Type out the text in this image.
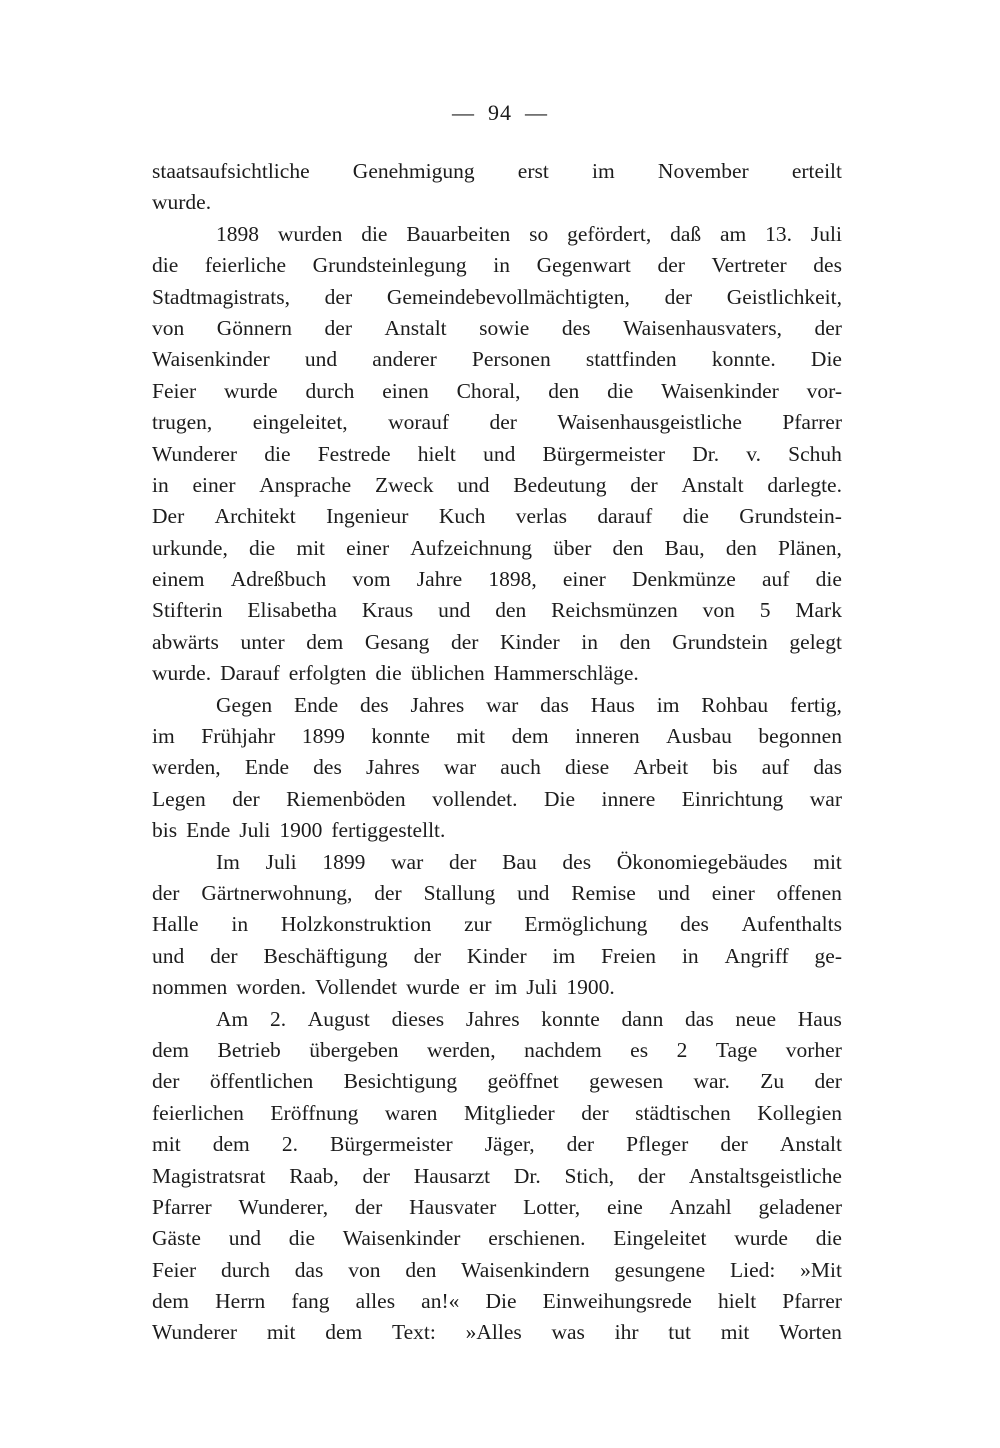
—  94  —
staatsaufsichtliche Genehmigung erst im November erteilt
wurde.
1898 wurden die Bauarbeiten so gefördert, daß am 13. Juli
die feierliche Grundsteinlegung in Gegenwart der Vertreter des
Stadtmagistrats, der Gemeindebevollmächtigten, der Geistlichkeit,
von Gönnern der Anstalt sowie des Waisenhausvaters, der
Waisenkinder und anderer Personen stattfinden konnte. Die
Feier wurde durch einen Choral, den die Waisenkinder vor-
trugen, eingeleitet, worauf der Waisenhausgeistliche Pfarrer
Wunderer die Festrede hielt und Bürgermeister Dr. v. Schuh
in einer Ansprache Zweck und Bedeutung der Anstalt darlegte.
Der Architekt Ingenieur Kuch verlas darauf die Grundstein-
urkunde, die mit einer Aufzeichnung über den Bau, den Plänen,
einem Adreßbuch vom Jahre 1898, einer Denkmünze auf die
Stifterin Elisabetha Kraus und den Reichsmünzen von 5 Mark
abwärts unter dem Gesang der Kinder in den Grundstein gelegt
wurde. Darauf erfolgten die üblichen Hammerschläge.
Gegen Ende des Jahres war das Haus im Rohbau fertig,
im Frühjahr 1899 konnte mit dem inneren Ausbau begonnen
werden, Ende des Jahres war auch diese Arbeit bis auf das
Legen der Riemenböden vollendet. Die innere Einrichtung war
bis Ende Juli 1900 fertiggestellt.
Im Juli 1899 war der Bau des Ökonomiegebäudes mit
der Gärtnerwohnung, der Stallung und Remise und einer offenen
Halle in Holzkonstruktion zur Ermöglichung des Aufenthalts
und der Beschäftigung der Kinder im Freien in Angriff ge-
nommen worden. Vollendet wurde er im Juli 1900.
Am 2. August dieses Jahres konnte dann das neue Haus
dem Betrieb übergeben werden, nachdem es 2 Tage vorher
der öffentlichen Besichtigung geöffnet gewesen war. Zu der
feierlichen Eröffnung waren Mitglieder der städtischen Kollegien
mit dem 2. Bürgermeister Jäger, der Pfleger der Anstalt
Magistratsrat Raab, der Hausarzt Dr. Stich, der Anstaltsgeistliche
Pfarrer Wunderer, der Hausvater Lotter, eine Anzahl geladener
Gäste und die Waisenkinder erschienen. Eingeleitet wurde die
Feier durch das von den Waisenkindern gesungene Lied: »Mit
dem Herrn fang alles an!« Die Einweihungsrede hielt Pfarrer
Wunderer mit dem Text: »Alles was ihr tut mit Worten
